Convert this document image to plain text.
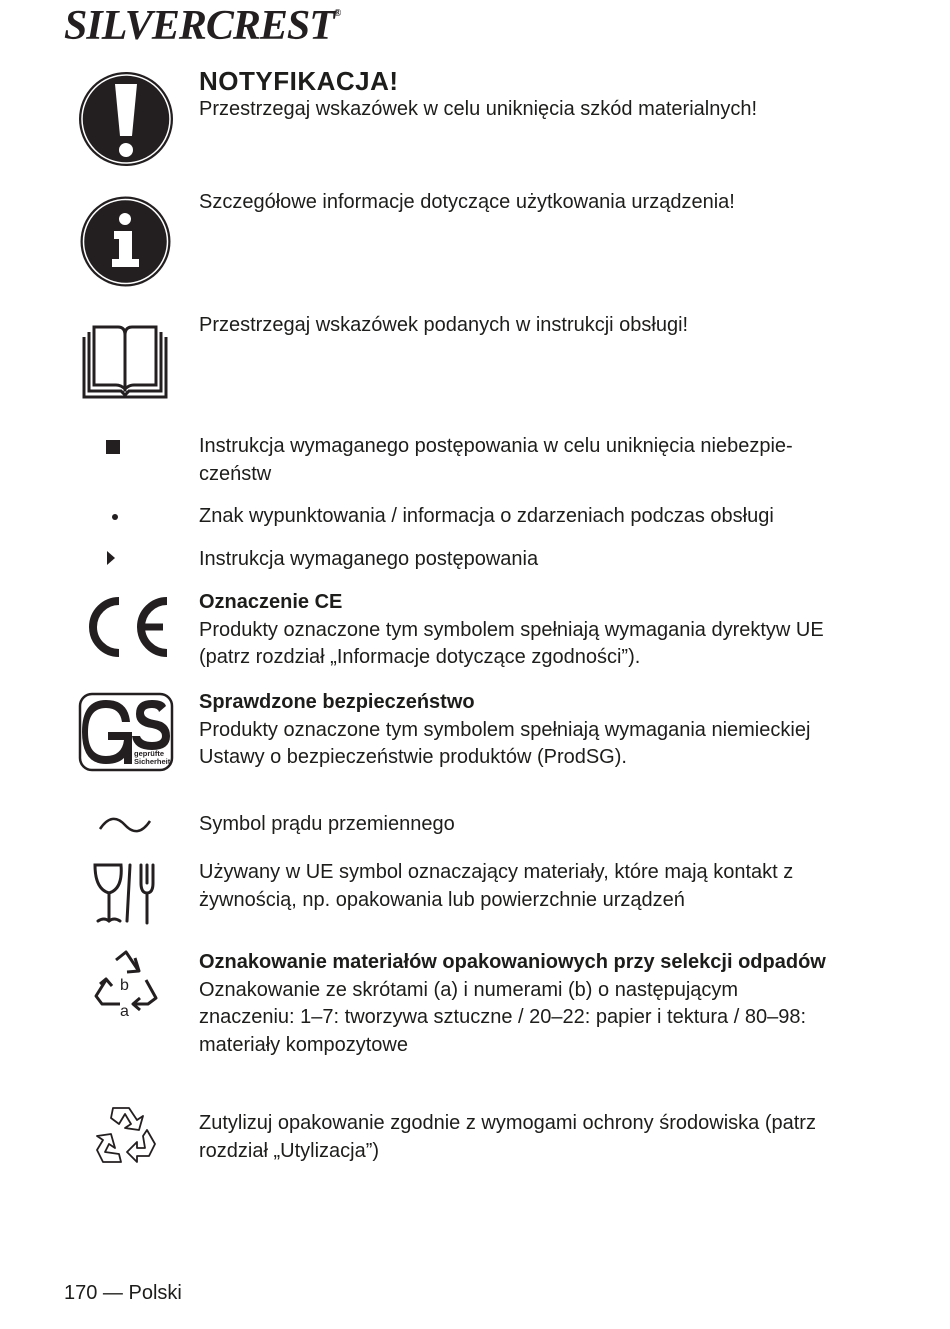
SILVERCREST®
NOTYFIKACJA!
Przestrzegaj wskazówek w celu uniknięcia szkód materialnych!
Szczegółowe informacje dotyczące użytkowania urządzenia!
Przestrzegaj wskazówek podanych w instrukcji obsługi!
Instrukcja wymaganego postępowania w celu uniknięcia niebezpie-czeństw
Znak wypunktowania / informacja o zdarzeniach podczas obsługi
Instrukcja wymaganego postępowania
Oznaczenie CE
Produkty oznaczone tym symbolem spełniają wymagania dyrektyw UE (patrz rozdział „Informacje dotyczące zgodności”).
geprüfte
Sicherheit
Sprawdzone bezpieczeństwo
Produkty oznaczone tym symbolem spełniają wymagania niemieckiej Ustawy o bezpieczeństwie produktów (ProdSG).
Symbol prądu przemiennego
Używany w UE symbol oznaczający materiały, które mają kontakt z żywnością, np. opakowania lub powierzchnie urządzeń
b
a
Oznakowanie materiałów opakowaniowych przy selekcji odpadów
Oznakowanie ze skrótami (a) i numerami (b) o następującym znaczeniu: 1–7: tworzywa sztuczne / 20–22: papier i tektura / 80–98: materiały kompozytowe
Zutylizuj opakowanie zgodnie z wymogami ochrony środowiska (patrz rozdział „Utylizacja”)
170 — Polski
